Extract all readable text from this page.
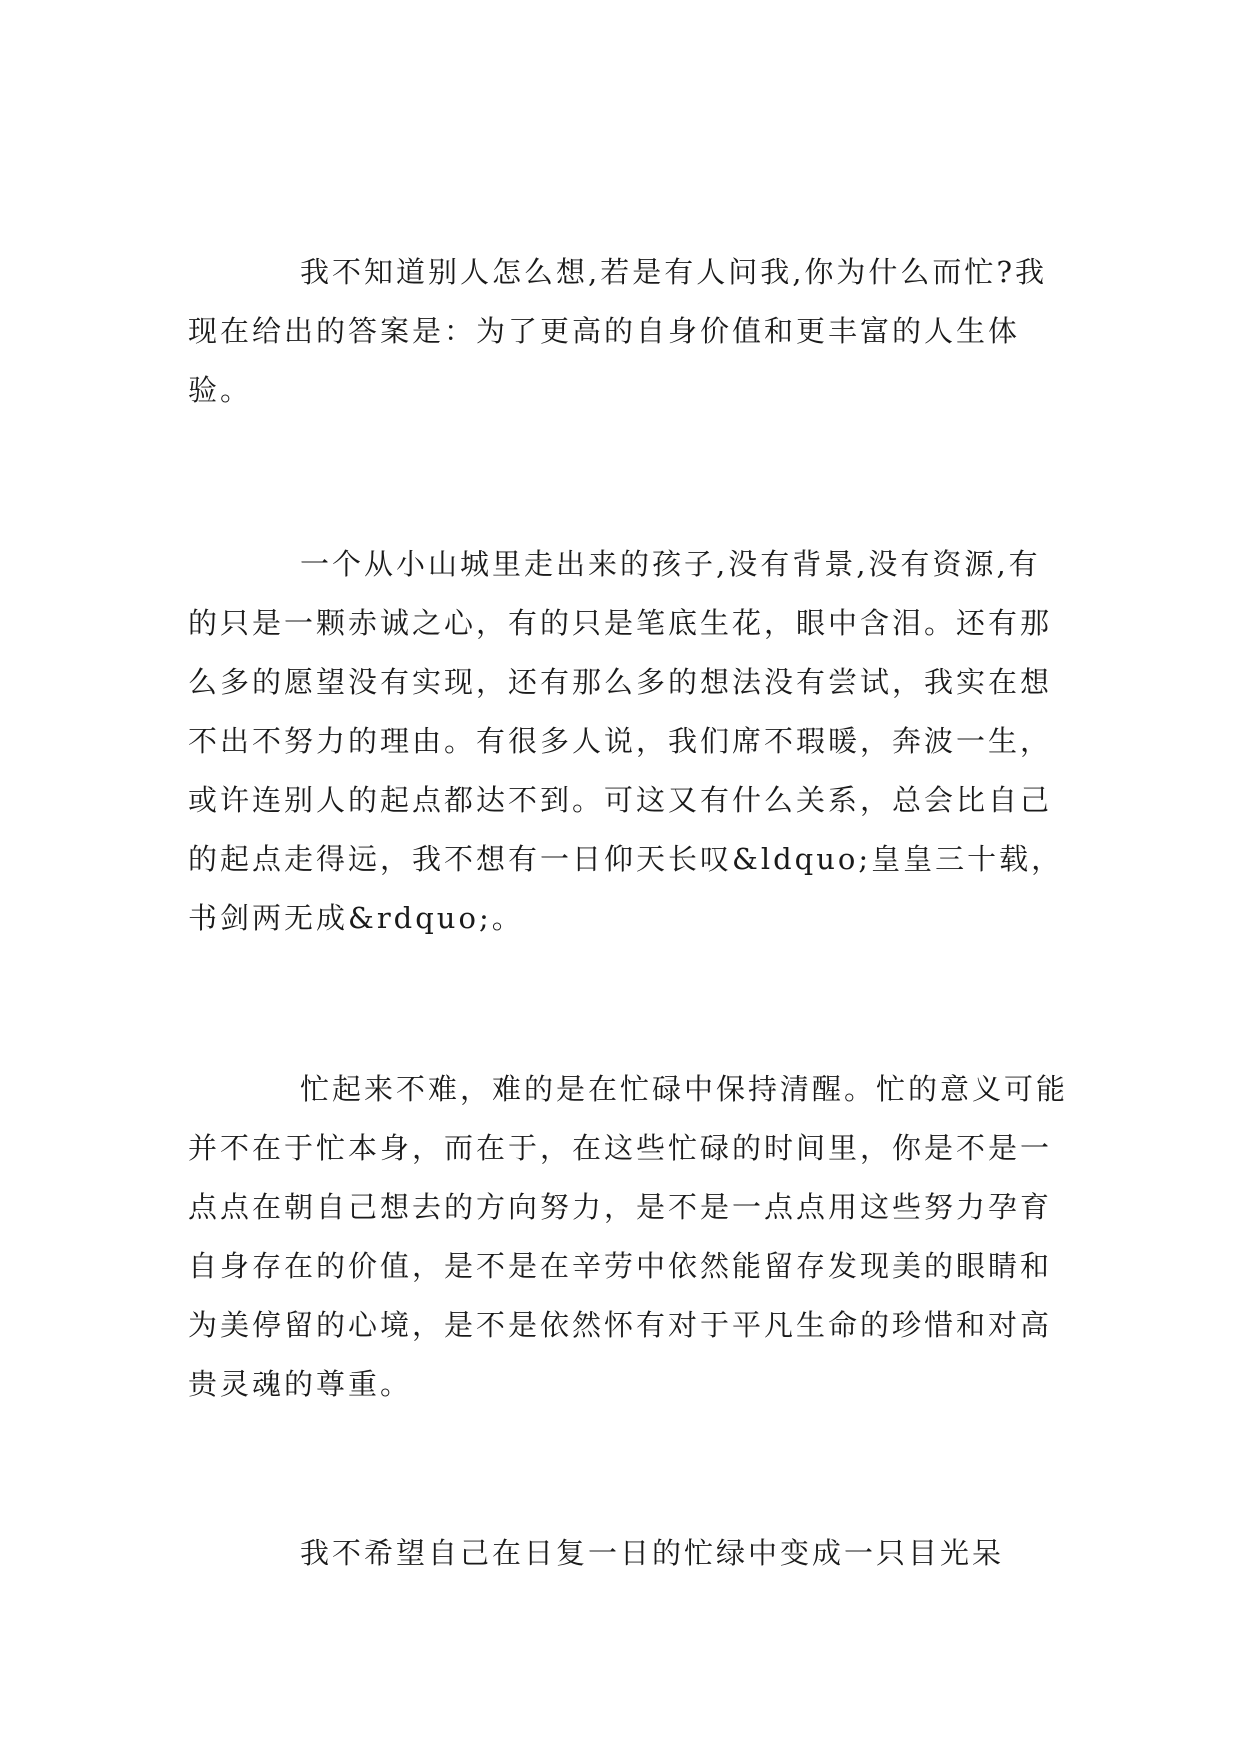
我不知道别人怎么想,若是有人问我,你为什么而忙?我现在给出的答案是：为了更高的自身价值和更丰富的人生体验。

一个从小山城里走出来的孩子,没有背景,没有资源,有的只是一颗赤诚之心，有的只是笔底生花，眼中含泪。还有那么多的愿望没有实现，还有那么多的想法没有尝试，我实在想不出不努力的理由。有很多人说，我们席不瑕暖，奔波一生，或许连别人的起点都达不到。可这又有什么关系，总会比自己的起点走得远，我不想有一日仰天长叹&ldquo;皇皇三十载，书剑两无成&rdquo;。

忙起来不难，难的是在忙碌中保持清醒。忙的意义可能并不在于忙本身，而在于，在这些忙碌的时间里，你是不是一点点在朝自己想去的方向努力，是不是一点点用这些努力孕育自身存在的价值，是不是在辛劳中依然能留存发现美的眼睛和为美停留的心境，是不是依然怀有对于平凡生命的珍惜和对高贵灵魂的尊重。

我不希望自己在日复一日的忙绿中变成一只目光呆
